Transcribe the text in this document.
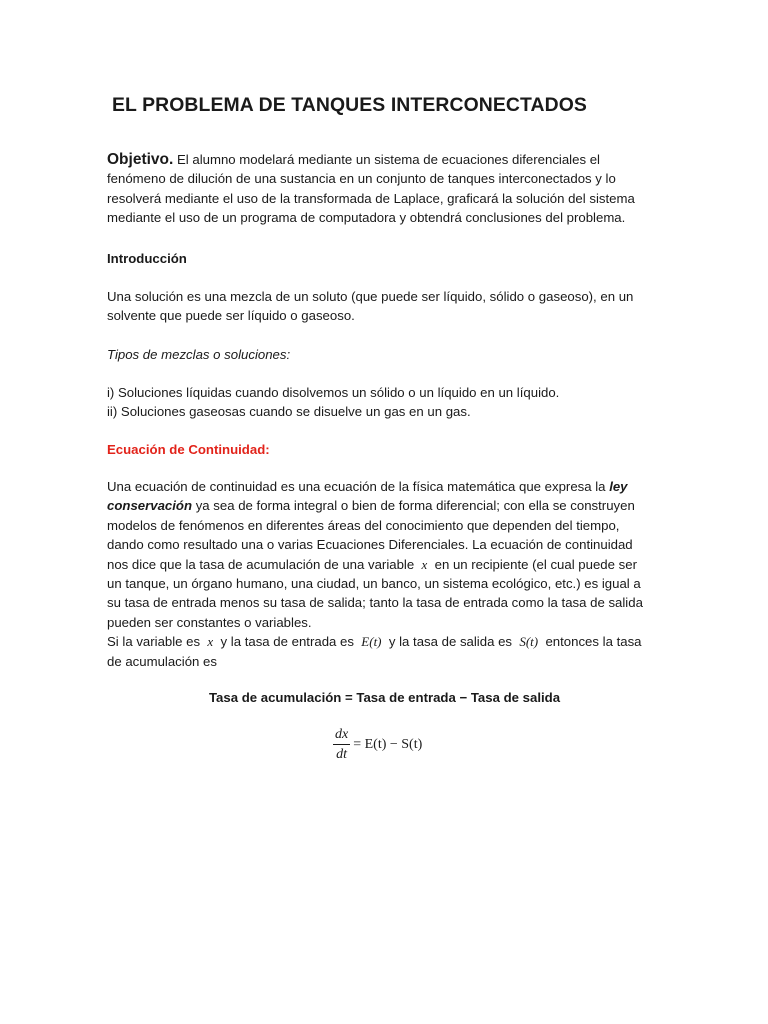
EL PROBLEMA DE TANQUES INTERCONECTADOS
Objetivo. El alumno modelará mediante un sistema de ecuaciones diferenciales el
fenómeno de dilución de una sustancia en un conjunto de tanques interconectados y lo
resolverá mediante el uso de la transformada de Laplace, graficará la solución del sistema
mediante el uso de un programa de computadora y obtendrá conclusiones del problema.
Introducción
Una solución es una mezcla de un soluto (que puede ser líquido, sólido o gaseoso), en un
solvente que puede ser líquido o gaseoso.
Tipos de mezclas o soluciones:
i) Soluciones líquidas cuando disolvemos un sólido o un líquido en un líquido.
ii) Soluciones gaseosas cuando se disuelve un gas en un gas.
Ecuación de Continuidad:
Una ecuación de continuidad es una ecuación de la física matemática que expresa la ley
conservación ya sea de forma integral o bien de forma diferencial; con ella se construyen
modelos de fenómenos en diferentes áreas del conocimiento que dependen del tiempo,
dando como resultado una o varias Ecuaciones Diferenciales. La ecuación de continuidad
nos dice que la tasa de acumulación de una variable x en un recipiente (el cual puede ser
un tanque, un órgano humano, una ciudad, un banco, un sistema ecológico, etc.) es igual a
su tasa de entrada menos su tasa de salida; tanto la tasa de entrada como la tasa de salida
pueden ser constantes o variables.
Si la variable es x y la tasa de entrada es E(t) y la tasa de salida es S(t) entonces la tasa
de acumulación es
Tasa de acumulación = Tasa de entrada − Tasa de salida
$\frac{dx}{dt} = E(t) - S(t)$
